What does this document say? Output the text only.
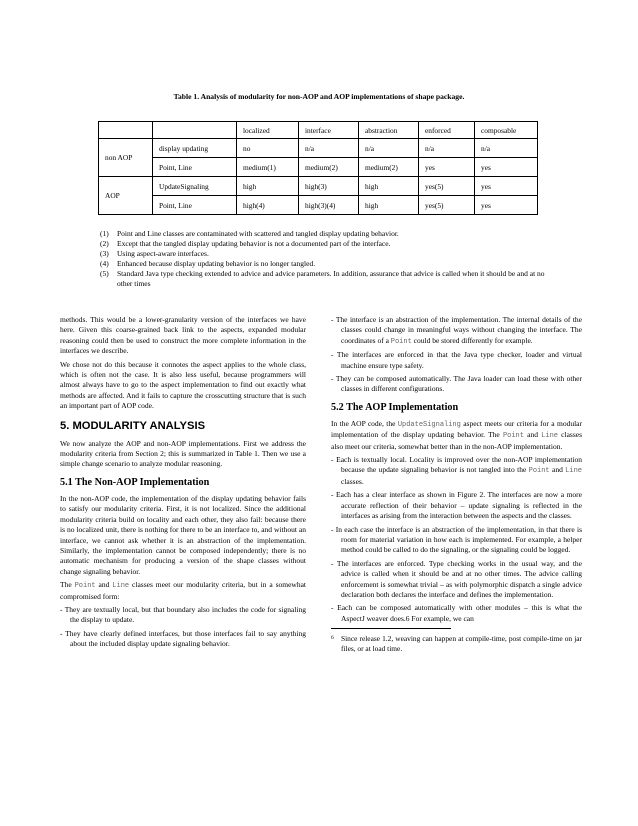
Table 1. Analysis of modularity for non-AOP and AOP implementations of shape package.
		localized	interface	abstraction	enforced	composable
non AOP	display updating	no	n/a	n/a	n/a	n/a
	Point, Line	medium(1)	medium(2)	medium(2)	yes	yes
AOP	UpdateSignaling	high	high(3)	high	yes(5)	yes
	Point, Line	high(4)	high(3)(4)	high	yes(5)	yes
(1)	Point and Line classes are contaminated with scattered and tangled display updating behavior.
(2)	Except that the tangled display updating behavior is not a documented part of the interface.
(3)	Using aspect-aware interfaces.
(4)	Enhanced because display updating behavior is no longer tangled.
(5)	Standard Java type checking extended to advice and advice parameters. In addition, assurance that advice is called when it should be and at no other times

methods. This would be a lower-granularity version of the interfaces we have here. Given this coarse-grained back link to the aspects, expanded modular reasoning could then be used to construct the more complete information in the interfaces we describe.

We chose not do this because it connotes the aspect applies to the whole class, which is often not the case. It is also less useful, because programmers will almost always have to go to the aspect implementation to find out exactly what methods are affected. And it fails to capture the crosscutting structure that is such an important part of AOP code.

5. MODULARITY ANALYSIS

We now analyze the AOP and non-AOP implementations. First we address the modularity criteria from Section 2; this is summarized in Table 1. Then we use a simple change scenario to analyze modular reasoning.

5.1 The Non-AOP Implementation

In the non-AOP code, the implementation of the display updating behavior fails to satisfy our modularity criteria. First, it is not localized. Since the additional modularity criteria build on locality and each other, they also fail: because there is no localized unit, there is nothing for there to be an interface to, and without an interface, we cannot ask whether it is an abstraction of the implementation. Similarly, the implementation cannot be composed independently; there is no automatic mechanism for producing a version of the shape classes without change signaling behavior.

The Point and Line classes meet our modularity criteria, but in a somewhat compromised form:

- They are textually local, but that boundary also includes the code for signaling the display to update.
- They have clearly defined interfaces, but those interfaces fail to say anything about the included display update signaling behavior.
- The interface is an abstraction of the implementation. The internal details of the classes could change in meaningful ways without changing the interface. The coordinates of a Point could be stored differently for example.
- The interfaces are enforced in that the Java type checker, loader and virtual machine ensure type safety.
- They can be composed automatically. The Java loader can load these with other classes in different configurations.
5.2 The AOP Implementation

In the AOP code, the UpdateSignaling aspect meets our criteria for a modular implementation of the display updating behavior. The Point and Line classes also meet our criteria, somewhat better than in the non-AOP implementation.

- Each is textually local. Locality is improved over the non-AOP implementation because the update signaling behavior is not tangled into the Point and Line classes.
- Each has a clear interface as shown in Figure 2. The interfaces are now a more accurate reflection of their behavior – update signaling is reflected in the interfaces as arising from the interaction between the aspects and the classes.
- In each case the interface is an abstraction of the implementation, in that there is room for material variation in how each is implemented. For example, a helper method could be called to do the signaling, or the signaling could be logged.
- The interfaces are enforced. Type checking works in the usual way, and the advice is called when it should be and at no other times. The advice calling enforcement is somewhat trivial – as with polymorphic dispatch a single advice declaration both declares the interface and defines the implementation.
- Each can be composed automatically with other modules – this is what the AspectJ weaver does.6 For example, we can
6 Since release 1.2, weaving can happen at compile-time, post compile-time on jar files, or at load time.
